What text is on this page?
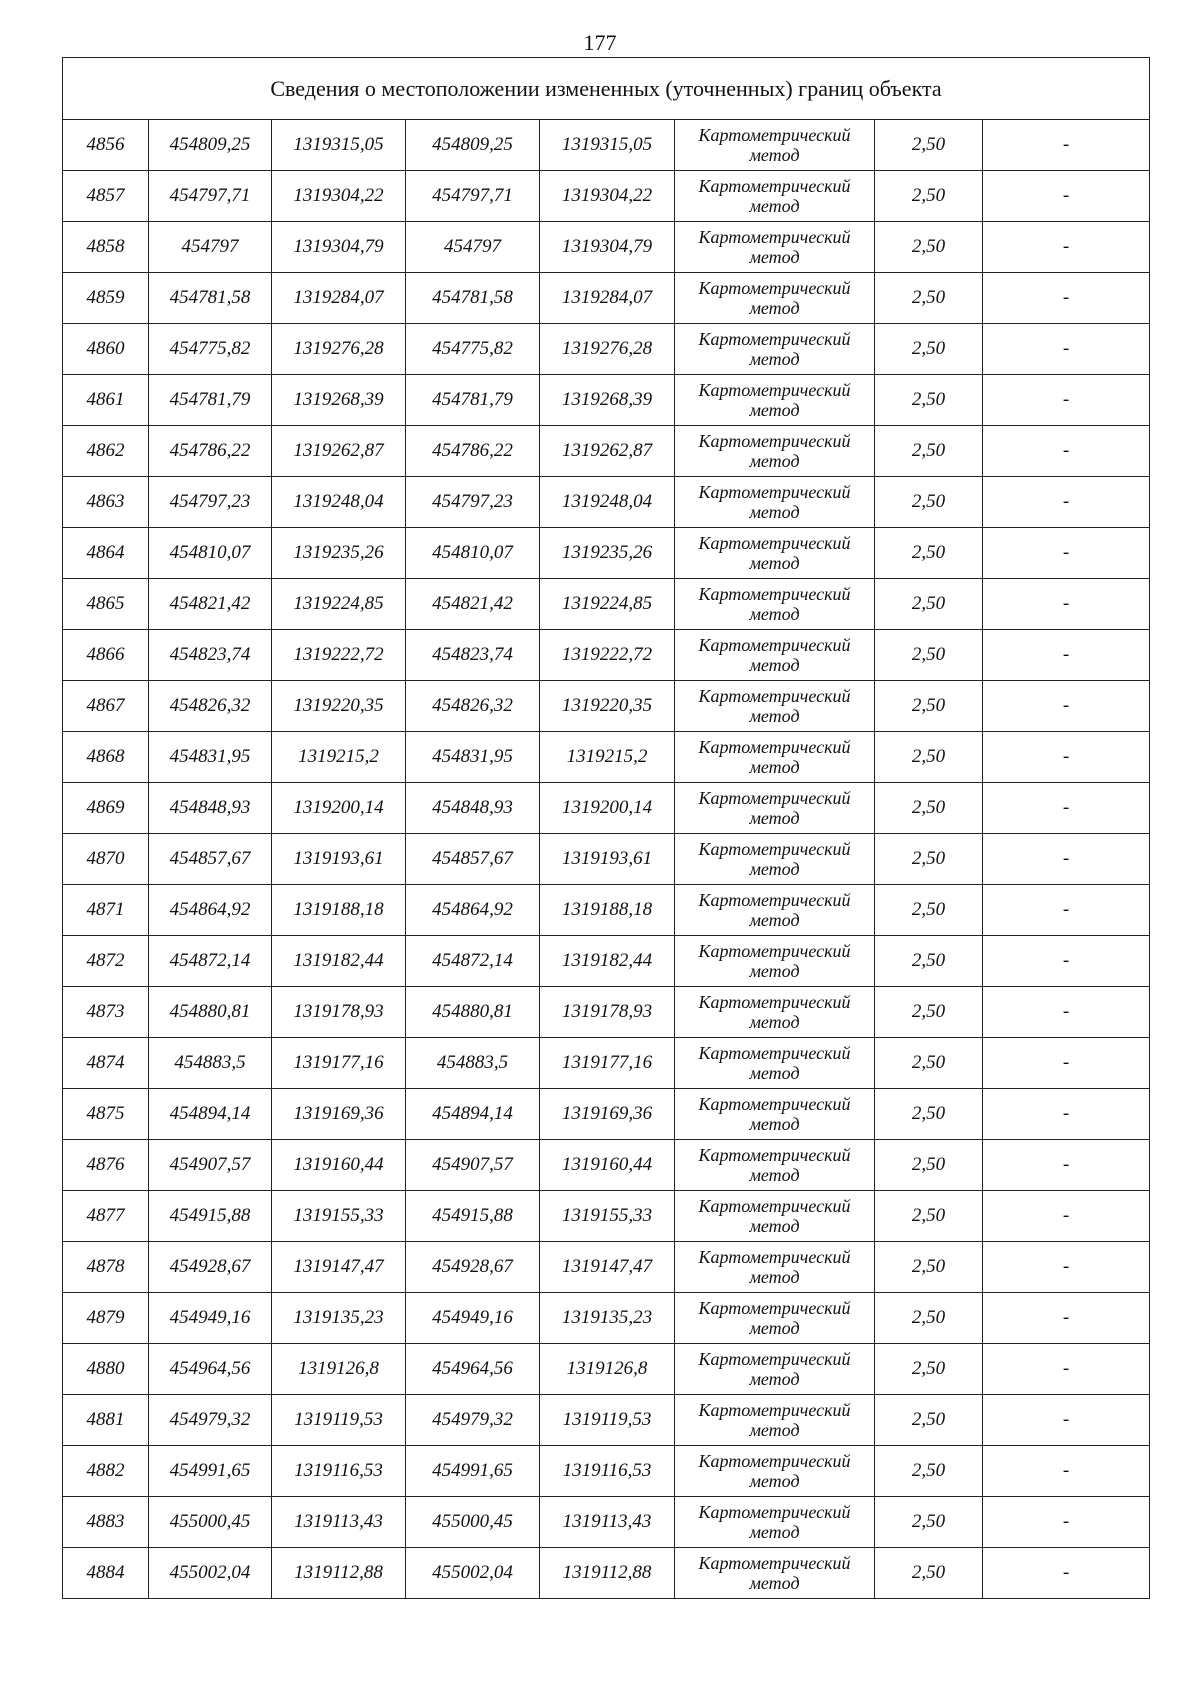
177
Сведения о местоположении измененных (уточненных) границ объекта							
4856	454809,25	1319315,05	454809,25	1319315,05	Картометрический
метод	2,50	-
4857	454797,71	1319304,22	454797,71	1319304,22	Картометрический
метод	2,50	-
4858	454797	1319304,79	454797	1319304,79	Картометрический
метод	2,50	-
4859	454781,58	1319284,07	454781,58	1319284,07	Картометрический
метод	2,50	-
4860	454775,82	1319276,28	454775,82	1319276,28	Картометрический
метод	2,50	-
4861	454781,79	1319268,39	454781,79	1319268,39	Картометрический
метод	2,50	-
4862	454786,22	1319262,87	454786,22	1319262,87	Картометрический
метод	2,50	-
4863	454797,23	1319248,04	454797,23	1319248,04	Картометрический
метод	2,50	-
4864	454810,07	1319235,26	454810,07	1319235,26	Картометрический
метод	2,50	-
4865	454821,42	1319224,85	454821,42	1319224,85	Картометрический
метод	2,50	-
4866	454823,74	1319222,72	454823,74	1319222,72	Картометрический
метод	2,50	-
4867	454826,32	1319220,35	454826,32	1319220,35	Картометрический
метод	2,50	-
4868	454831,95	1319215,2	454831,95	1319215,2	Картометрический
метод	2,50	-
4869	454848,93	1319200,14	454848,93	1319200,14	Картометрический
метод	2,50	-
4870	454857,67	1319193,61	454857,67	1319193,61	Картометрический
метод	2,50	-
4871	454864,92	1319188,18	454864,92	1319188,18	Картометрический
метод	2,50	-
4872	454872,14	1319182,44	454872,14	1319182,44	Картометрический
метод	2,50	-
4873	454880,81	1319178,93	454880,81	1319178,93	Картометрический
метод	2,50	-
4874	454883,5	1319177,16	454883,5	1319177,16	Картометрический
метод	2,50	-
4875	454894,14	1319169,36	454894,14	1319169,36	Картометрический
метод	2,50	-
4876	454907,57	1319160,44	454907,57	1319160,44	Картометрический
метод	2,50	-
4877	454915,88	1319155,33	454915,88	1319155,33	Картометрический
метод	2,50	-
4878	454928,67	1319147,47	454928,67	1319147,47	Картометрический
метод	2,50	-
4879	454949,16	1319135,23	454949,16	1319135,23	Картометрический
метод	2,50	-
4880	454964,56	1319126,8	454964,56	1319126,8	Картометрический
метод	2,50	-
4881	454979,32	1319119,53	454979,32	1319119,53	Картометрический
метод	2,50	-
4882	454991,65	1319116,53	454991,65	1319116,53	Картометрический
метод	2,50	-
4883	455000,45	1319113,43	455000,45	1319113,43	Картометрический
метод	2,50	-
4884	455002,04	1319112,88	455002,04	1319112,88	Картометрический
метод	2,50	-
